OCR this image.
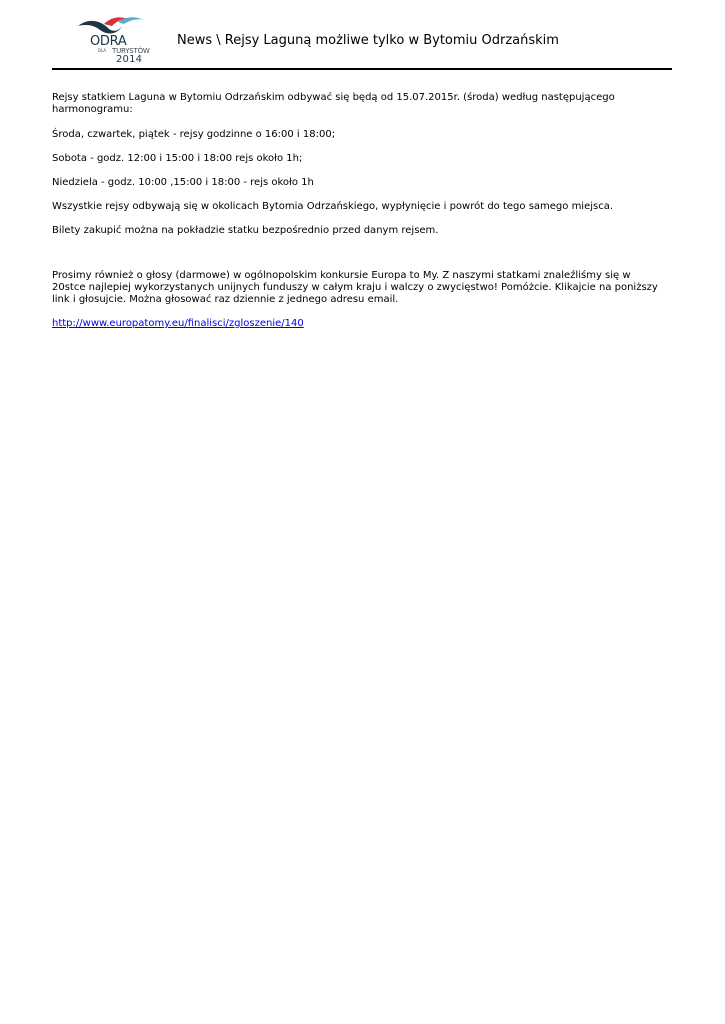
ODRA
DLA TURYSTÓW
2014
News \ Rejsy Laguną możliwe tylko w Bytomiu Odrzańskim

Rejsy statkiem Laguna w Bytomiu Odrzańskim odbywać się będą od 15.07.2015r. (środa) według następującego harmonogramu:

Środa, czwartek, piątek - rejsy godzinne o 16:00 i 18:00;

Sobota - godz. 12:00 i 15:00 i 18:00 rejs około 1h;

Niedziela - godz. 10:00 ,15:00 i 18:00 - rejs około 1h

Wszystkie rejsy odbywają się w okolicach Bytomia Odrzańskiego, wypłynięcie i powrót do tego samego miejsca.

Bilety zakupić można na pokładzie statku bezpośrednio przed danym rejsem.

Prosimy również o głosy (darmowe) w ogólnopolskim konkursie Europa to My. Z naszymi statkami znaleźliśmy się w 20stce najlepiej wykorzystanych unijnych funduszy w całym kraju i walczy o zwycięstwo! Pomóżcie. Klikajcie na poniższy link i głosujcie. Można głosować raz dziennie z jednego adresu email.

http://www.europatomy.eu/finalisci/zgloszenie/140
